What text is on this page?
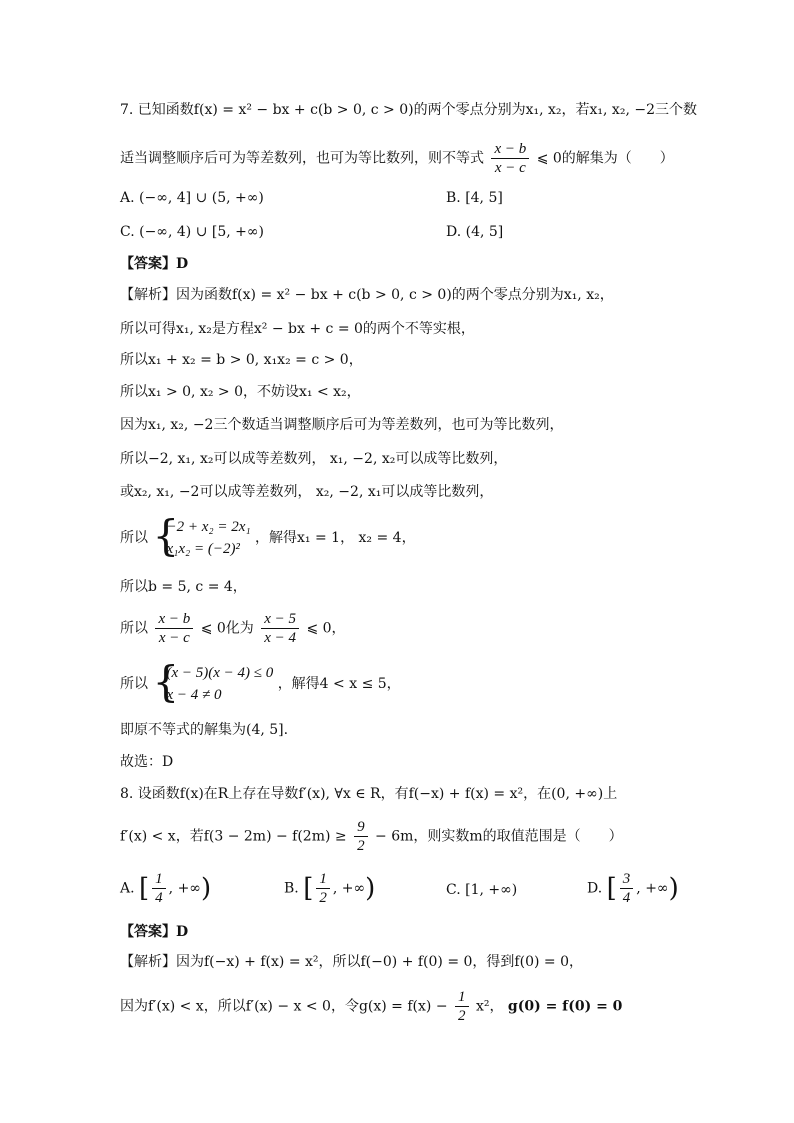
7. 已知函数f(x) = x² − bx + c(b > 0, c > 0)的两个零点分别为x₁, x₂，若x₁, x₂, −2三个数
适当调整顺序后可为等差数列，也可为等比数列，则不等式 $\frac{x - b}{x - c}$ ⩽ 0的解集为（　　）
A. (−∞, 4] ∪ (5, +∞)	B. [4, 5]
C. (−∞, 4) ∪ [5, +∞)	D. (4, 5]
【答案】D
【解析】因为函数f(x) = x² − bx + c(b > 0, c > 0)的两个零点分别为x₁, x₂，
所以可得x₁, x₂是方程x² − bx + c = 0的两个不等实根，
所以x₁ + x₂ = b > 0, x₁x₂ = c > 0，
所以x₁ > 0, x₂ > 0，不妨设x₁ < x₂，
因为x₁, x₂, −2三个数适当调整顺序后可为等差数列，也可为等比数列，
所以−2, x₁, x₂可以成等差数列， x₁, −2, x₂可以成等比数列，
或x₂, x₁, −2可以成等差数列， x₂, −2, x₁可以成等比数列，
所以 {
−2 + x₂ = 2x₁
x₁x₂ = (−2)²
，解得x₁ = 1， x₂ = 4，
所以b = 5, c = 4，
所以 $\frac{x - b}{x - c}$ ⩽ 0化为 $\frac{x - 5}{x - 4}$ ⩽ 0，
所以 {
(x − 5)(x − 4) ≤ 0
x − 4 ≠ 0
，解得4 < x ≤ 5，
即原不等式的解集为(4, 5].
故选：D
8. 设函数f(x)在R上存在导数f′(x), ∀x ∈ R，有f(−x) + f(x) = x²，在(0, +∞)上
f′(x) < x，若$f(3 - 2m) - f(2m) \ge \frac{9}{2} - 6m$，则实数m的取值范围是（　　）
A. [ $\frac{1}{4}$ , +∞)	B. [ $\frac{1}{2}$ , +∞)	C. [1, +∞)	D. [ $\frac{3}{4}$ , +∞)
【答案】D
【解析】因为f(−x) + f(x) = x²，所以f(−0) + f(0) = 0，得到f(0) = 0，
因为f′(x) < x，所以f′(x) − x < 0，令$g(x) = f(x) - \frac{1}{2} x^2$， g(0) = f(0) = 0
